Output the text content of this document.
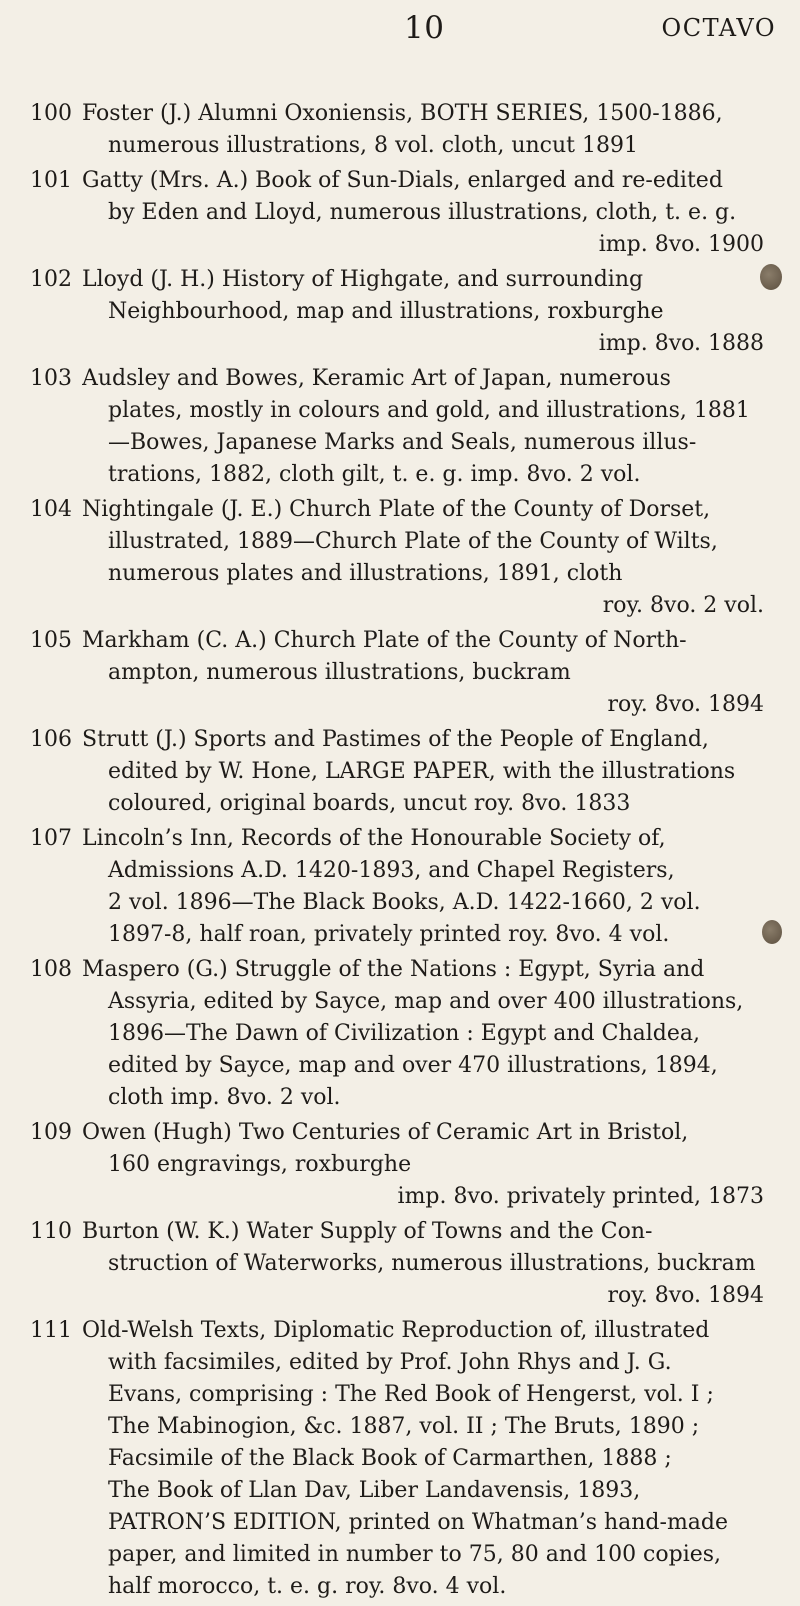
10	OCTAVO
100 Foster (J.) Alumni Oxoniensis, BOTH SERIES, 1500-1886,
numerous illustrations, 8 vol. cloth, uncut 1891
101 Gatty (Mrs. A.) Book of Sun-Dials, enlarged and re-edited
by Eden and Lloyd, numerous illustrations, cloth, t. e. g.
imp. 8vo. 1900
102 Lloyd (J. H.) History of Highgate, and surrounding
Neighbourhood, map and illustrations, roxburghe
imp. 8vo. 1888
103 Audsley and Bowes, Keramic Art of Japan, numerous
plates, mostly in colours and gold, and illustrations, 1881
—Bowes, Japanese Marks and Seals, numerous illus-
trations, 1882, cloth gilt, t. e. g. imp. 8vo. 2 vol.
104 Nightingale (J. E.) Church Plate of the County of Dorset,
illustrated, 1889—Church Plate of the County of Wilts,
numerous plates and illustrations, 1891, cloth
roy. 8vo. 2 vol.
105 Markham (C. A.) Church Plate of the County of North-
ampton, numerous illustrations, buckram
roy. 8vo. 1894
106 Strutt (J.) Sports and Pastimes of the People of England,
edited by W. Hone, LARGE PAPER, with the illustrations
coloured, original boards, uncut roy. 8vo. 1833
107 Lincoln’s Inn, Records of the Honourable Society of,
Admissions A.D. 1420-1893, and Chapel Registers,
2 vol. 1896—The Black Books, A.D. 1422-1660, 2 vol.
1897-8, half roan, privately printed roy. 8vo. 4 vol.
108 Maspero (G.) Struggle of the Nations : Egypt, Syria and
Assyria, edited by Sayce, map and over 400 illustrations,
1896—The Dawn of Civilization : Egypt and Chaldea,
edited by Sayce, map and over 470 illustrations, 1894,
cloth imp. 8vo. 2 vol.
109 Owen (Hugh) Two Centuries of Ceramic Art in Bristol,
160 engravings, roxburghe
imp. 8vo. privately printed, 1873
110 Burton (W. K.) Water Supply of Towns and the Con-
struction of Waterworks, numerous illustrations, buckram
roy. 8vo. 1894
111 Old-Welsh Texts, Diplomatic Reproduction of, illustrated
with facsimiles, edited by Prof. John Rhys and J. G.
Evans, comprising : The Red Book of Hengerst, vol. I ;
The Mabinogion, &c. 1887, vol. II ; The Bruts, 1890 ;
Facsimile of the Black Book of Carmarthen, 1888 ;
The Book of Llan Dav, Liber Landavensis, 1893,
PATRON’S EDITION, printed on Whatman’s hand-made
paper, and limited in number to 75, 80 and 100 copies,
half morocco, t. e. g. roy. 8vo. 4 vol.
